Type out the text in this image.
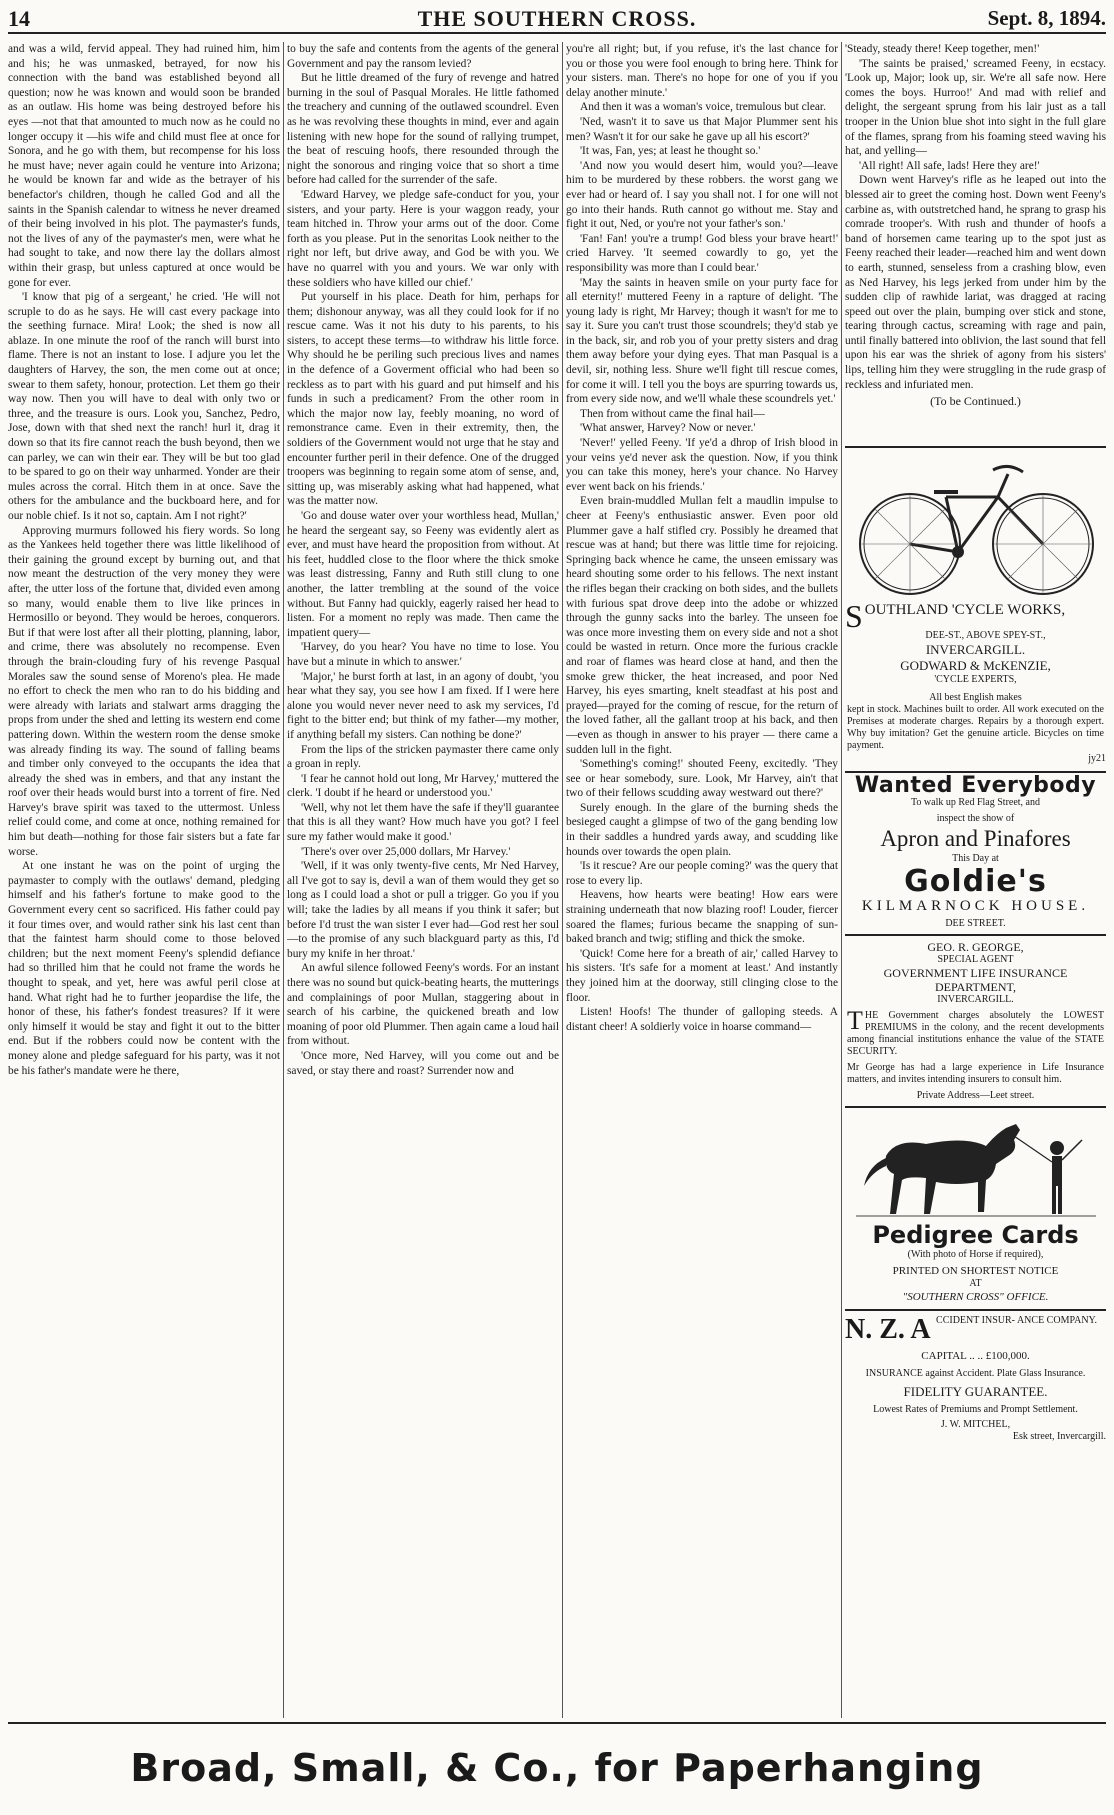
THE SOUTHERN CROSS.
14	Sept. 8, 1894.

and was a wild, fervid appeal. They had ruined him, him and his; he was unmasked, betrayed, for now his connection with the band was established beyond all question; now he was known and would soon be branded as an outlaw. His home was being destroyed before his eyes —not that that amounted to much now as he could no longer occupy it —his wife and child must flee at once for Sonora, and he go with them, but recompense for his loss he must have; never again could he venture into Arizona; he would be known far and wide as the betrayer of his benefactor's children, though he called God and all the saints in the Spanish calendar to witness he never dreamed of their being involved in his plot. The paymaster's funds, not the lives of any of the paymaster's men, were what he had sought to take, and now there lay the dollars almost within their grasp, but unless captured at once would be gone for ever.

'I know that pig of a sergeant,' he cried. 'He will not scruple to do as he says. He will cast every package into the seething furnace. Mira! Look; the shed is now all ablaze. In one minute the roof of the ranch will burst into flame. There is not an instant to lose. I adjure you let the daughters of Harvey, the son, the men come out at once; swear to them safety, honour, protection. Let them go their way now. Then you will have to deal with only two or three, and the treasure is ours. Look you, Sanchez, Pedro, Jose, down with that shed next the ranch! hurl it, drag it down so that its fire cannot reach the bush beyond, then we can parley, we can win their ear. They will be but too glad to be spared to go on their way unharmed. Yonder are their mules across the corral. Hitch them in at once. Save the others for the ambulance and the buckboard here, and for our noble chief. Is it not so, captain. Am I not right?'

Approving murmurs followed his fiery words. So long as the Yankees held together there was little likelihood of their gaining the ground except by burning out, and that now meant the destruction of the very money they were after, the utter loss of the fortune that, divided even among so many, would enable them to live like princes in Hermosillo or beyond. They would be heroes, conquerors. But if that were lost after all their plotting, planning, labor, and crime, there was absolutely no recompense. Even through the brain-clouding fury of his revenge Pasqual Morales saw the sound sense of Moreno's plea. He made no effort to check the men who ran to do his bidding and were already with lariats and stalwart arms dragging the props from under the shed and letting its western end come pattering down. Within the western room the dense smoke was already finding its way. The sound of falling beams and timber only conveyed to the occupants the idea that already the shed was in embers, and that any instant the roof over their heads would burst into a torrent of fire. Ned Harvey's brave spirit was taxed to the uttermost. Unless relief could come, and come at once, nothing remained for him but death—nothing for those fair sisters but a fate far worse.

At one instant he was on the point of urging the paymaster to comply with the outlaws' demand, pledging himself and his father's fortune to make good to the Government every cent so sacrificed. His father could pay it four times over, and would rather sink his last cent than that the faintest harm should come to those beloved children; but the next moment Feeny's splendid defiance had so thrilled him that he could not frame the words he thought to speak, and yet, here was awful peril close at hand. What right had he to further jeopardise the life, the honor of these, his father's fondest treasures? If it were only himself it would be stay and fight it out to the bitter end. But if the robbers could now be content with the money alone and pledge safeguard for his party, was it not be his father's mandate were he there,

to buy the safe and contents from the agents of the general Government and pay the ransom levied?

But he little dreamed of the fury of revenge and hatred burning in the soul of Pasqual Morales. He little fathomed the treachery and cunning of the outlawed scoundrel. Even as he was revolving these thoughts in mind, ever and again listening with new hope for the sound of rallying trumpet, the beat of rescuing hoofs, there resounded through the night the sonorous and ringing voice that so short a time before had called for the surrender of the safe.

'Edward Harvey, we pledge safe-conduct for you, your sisters, and your party. Here is your waggon ready, your team hitched in. Throw your arms out of the door. Come forth as you please. Put in the senoritas Look neither to the right nor left, but drive away, and God be with you. We have no quarrel with you and yours. We war only with these soldiers who have killed our chief.'

Put yourself in his place. Death for him, perhaps for them; dishonour anyway, was all they could look for if no rescue came. Was it not his duty to his parents, to his sisters, to accept these terms—to withdraw his little force. Why should he be periling such precious lives and names in the defence of a Goverment official who had been so reckless as to part with his guard and put himself and his funds in such a predicament? From the other room in which the major now lay, feebly moaning, no word of remonstrance came. Even in their extremity, then, the soldiers of the Government would not urge that he stay and encounter further peril in their defence. One of the drugged troopers was beginning to regain some atom of sense, and, sitting up, was miserably asking what had happened, what was the matter now.

'Go and douse water over your worthless head, Mullan,' he heard the sergeant say, so Feeny was evidently alert as ever, and must have heard the proposition from without. At his feet, huddled close to the floor where the thick smoke was least distressing, Fanny and Ruth still clung to one another, the latter trembling at the sound of the voice without. But Fanny had quickly, eagerly raised her head to listen. For a moment no reply was made. Then came the impatient query—

'Harvey, do you hear? You have no time to lose. You have but a minute in which to answer.'

'Major,' he burst forth at last, in an agony of doubt, 'you hear what they say, you see how I am fixed. If I were here alone you would never never need to ask my services, I'd fight to the bitter end; but think of my father—my mother, if anything befall my sisters. Can nothing be done?'

From the lips of the stricken paymaster there came only a groan in reply.

'I fear he cannot hold out long, Mr Harvey,' muttered the clerk. 'I doubt if he heard or understood you.'

'Well, why not let them have the safe if they'll guarantee that this is all they want? How much have you got? I feel sure my father would make it good.'

'There's over over 25,000 dollars, Mr Harvey.'

'Well, if it was only twenty-five cents, Mr Ned Harvey, all I've got to say is, devil a wan of them would they get so long as I could load a shot or pull a trigger. Go you if you will; take the ladies by all means if you think it safer; but before I'd trust the wan sister I ever had—God rest her soul—to the promise of any such blackguard party as this, I'd bury my knife in her throat.'

An awful silence followed Feeny's words. For an instant there was no sound but quick-beating hearts, the mutterings and complainings of poor Mullan, staggering about in search of his carbine, the quickened breath and low moaning of poor old Plummer. Then again came a loud hail from without.

'Once more, Ned Harvey, will you come out and be saved, or stay there and roast? Surrender now and

you're all right; but, if you refuse, it's the last chance for you or those you were fool enough to bring here. Think for your sisters. man. There's no hope for one of you if you delay another minute.'

And then it was a woman's voice, tremulous but clear.

'Ned, wasn't it to save us that Major Plummer sent his men? Wasn't it for our sake he gave up all his escort?'

'It was, Fan, yes; at least he thought so.'

'And now you would desert him, would you?—leave him to be murdered by these robbers. the worst gang we ever had or heard of. I say you shall not. I for one will not go into their hands. Ruth cannot go without me. Stay and fight it out, Ned, or you're not your father's son.'

'Fan! Fan! you're a trump! God bless your brave heart!' cried Harvey. 'It seemed cowardly to go, yet the responsibility was more than I could bear.'

'May the saints in heaven smile on your purty face for all eternity!' muttered Feeny in a rapture of delight. 'The young lady is right, Mr Harvey; though it wasn't for me to say it. Sure you can't trust those scoundrels; they'd stab ye in the back, sir, and rob you of your pretty sisters and drag them away before your dying eyes. That man Pasqual is a devil, sir, nothing less. Shure we'll fight till rescue comes, for come it will. I tell you the boys are spurring towards us, from every side now, and we'll whale these scoundrels yet.'

Then from without came the final hail—

'What answer, Harvey? Now or never.'

'Never!' yelled Feeny. 'If ye'd a dhrop of Irish blood in your veins ye'd never ask the question. Now, if you think you can take this money, here's your chance. No Harvey ever went back on his friends.'

Even brain-muddled Mullan felt a maudlin impulse to cheer at Feeny's enthusiastic answer. Even poor old Plummer gave a half stifled cry. Possibly he dreamed that rescue was at hand; but there was little time for rejoicing. Springing back whence he came, the unseen emissary was heard shouting some order to his fellows. The next instant the rifles began their cracking on both sides, and the bullets with furious spat drove deep into the adobe or whizzed through the gunny sacks into the barley. The unseen foe was once more investing them on every side and not a shot could be wasted in return. Once more the furious crackle and roar of flames was heard close at hand, and then the smoke grew thicker, the heat increased, and poor Ned Harvey, his eyes smarting, knelt steadfast at his post and prayed—prayed for the coming of rescue, for the return of the loved father, all the gallant troop at his back, and then—even as though in answer to his prayer — there came a sudden lull in the fight.

'Something's coming!' shouted Feeny, excitedly. 'They see or hear somebody, sure. Look, Mr Harvey, ain't that two of their fellows scudding away westward out there?'

Surely enough. In the glare of the burning sheds the besieged caught a glimpse of two of the gang bending low in their saddles a hundred yards away, and scudding like hounds over towards the open plain.

'Is it rescue? Are our people coming?' was the query that rose to every lip.

Heavens, how hearts were beating! How ears were straining underneath that now blazing roof! Louder, fiercer soared the flames; furious became the snapping of sun-baked branch and twig; stifling and thick the smoke.

'Quick! Come here for a breath of air,' called Harvey to his sisters. 'It's safe for a moment at least.' And instantly they joined him at the doorway, still clinging close to the floor.

Listen! Hoofs! The thunder of galloping steeds. A distant cheer! A soldierly voice in hoarse command—

'Steady, steady there! Keep together, men!'

'The saints be praised,' screamed Feeny, in ecstacy. 'Look up, Major; look up, sir. We're all safe now. Here comes the boys. Hurroo!' And mad with relief and delight, the sergeant sprung from his lair just as a tall trooper in the Union blue shot into sight in the full glare of the flames, sprang from his foaming steed waving his hat, and yelling—

'All right! All safe, lads! Here they are!'

Down went Harvey's rifle as he leaped out into the blessed air to greet the coming host. Down went Feeny's carbine as, with outstretched hand, he sprang to grasp his comrade trooper's. With rush and thunder of hoofs a band of horsemen came tearing up to the spot just as Feeny reached their leader—reached him and went down to earth, stunned, senseless from a crashing blow, even as Ned Harvey, his legs jerked from under him by the sudden clip of rawhide lariat, was dragged at racing speed out over the plain, bumping over stick and stone, tearing through cactus, screaming with rage and pain, until finally battered into oblivion, the last sound that fell upon his ear was the shriek of agony from his sisters' lips, telling him they were struggling in the rude grasp of reckless and infuriated men.

(To be Continued.)
SOUTHLAND 'CYCLE WORKS,
DEE-ST., ABOVE SPEY-ST.,
INVERCARGILL.
GODWARD & McKENZIE,
'CYCLE EXPERTS,
All best English makes
kept in stock. Machines built to order. All work executed on the Premises at moderate charges. Repairs by a thorough expert. Why buy imitation? Get the genuine article. Bicycles on time payment.
jy21
Wanted Everybody
To walk up Red Flag Street, and
inspect the show of
Apron and Pinafores
This Day at
Goldie's
KILMARNOCK HOUSE.
DEE STREET.
GEO. R. GEORGE,
SPECIAL AGENT
GOVERNMENT LIFE INSURANCE DEPARTMENT,
INVERCARGILL.
THE Government charges absolutely the LOWEST PREMIUMS in the colony, and the recent developments among financial institutions enhance the value of the STATE SECURITY.
Mr George has had a large experience in Life Insurance matters, and invites intending insurers to consult him.
Private Address—Leet street.
Pedigree Cards
(With photo of Horse if required),
PRINTED ON SHORTEST NOTICE
AT
"SOUTHERN CROSS" OFFICE.
N. Z. A CCIDENT INSUR- ANCE COMPANY.
CAPITAL .. .. £100,000.
INSURANCE against Accident. Plate Glass Insurance.
FIDELITY GUARANTEE.
Lowest Rates of Premiums and Prompt Settlement.
J. W. MITCHEL,
Esk street, Invercargill.
Broad, Small, & Co., for Paperhanging
